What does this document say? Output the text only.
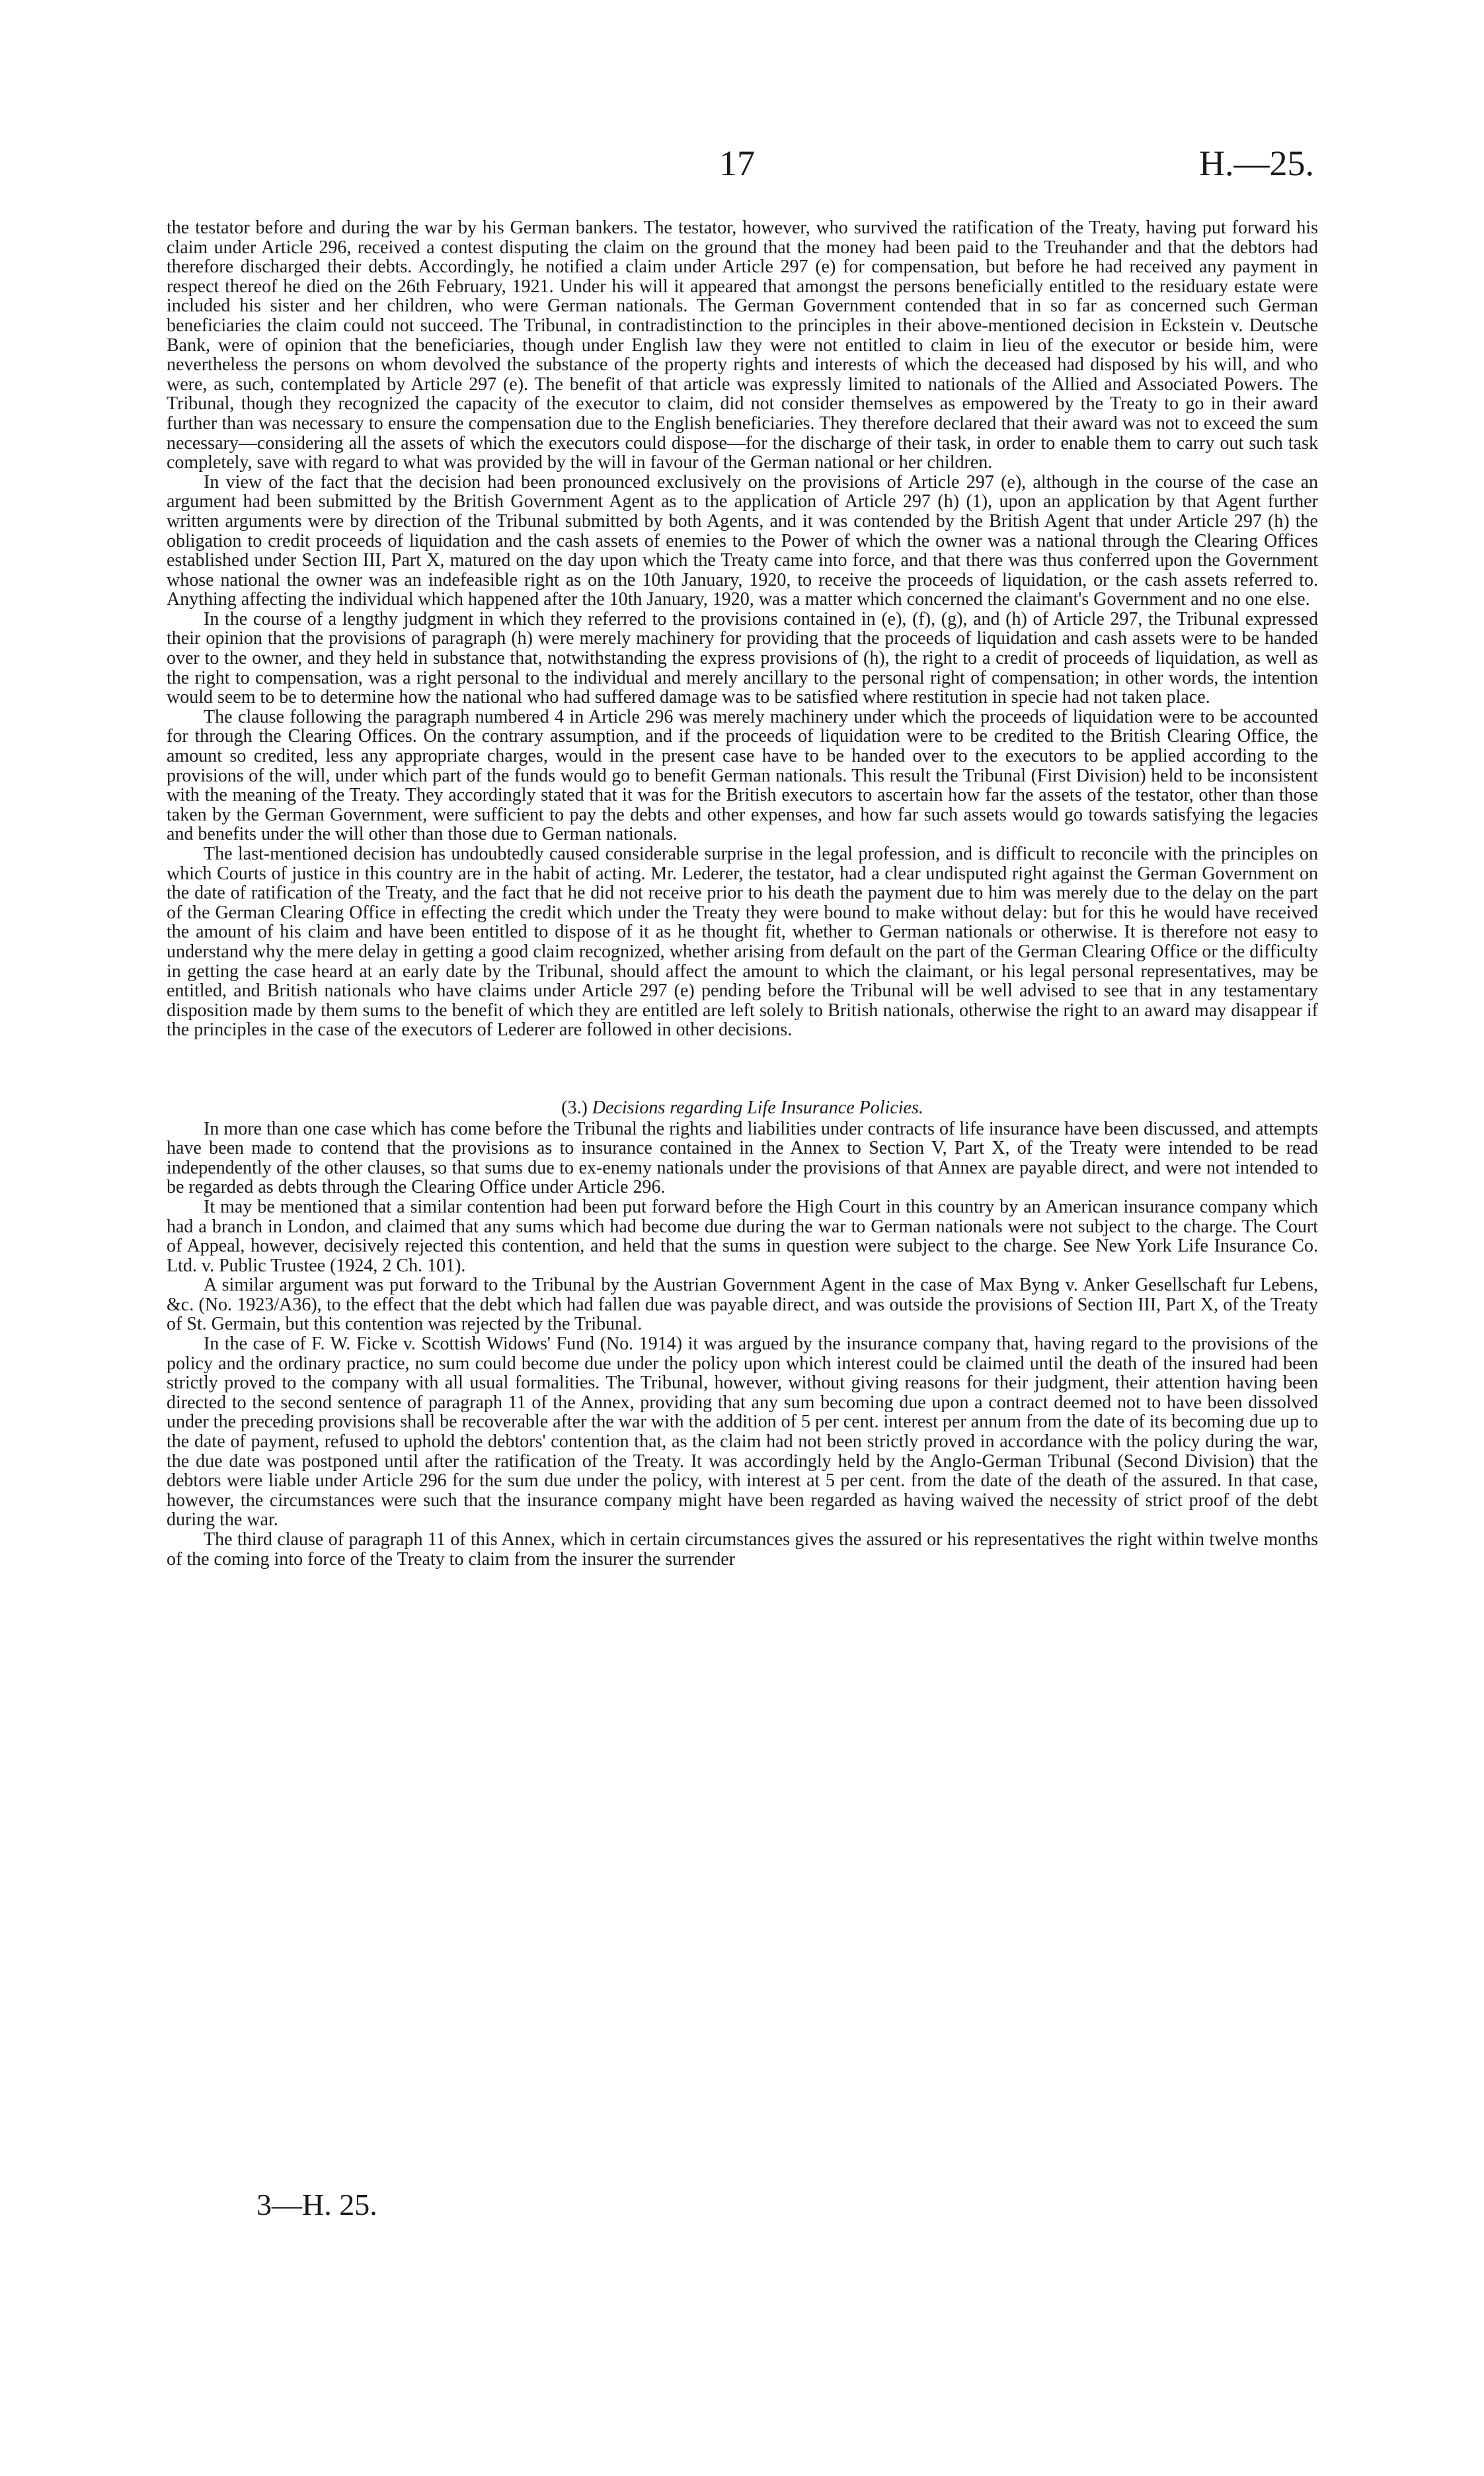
17	H.—25.

the testator before and during the war by his German bankers. The testator, however, who survived the ratification of the Treaty, having put forward his claim under Article 296, received a contest disputing the claim on the ground that the money had been paid to the Treuhander and that the debtors had therefore discharged their debts. Accordingly, he notified a claim under Article 297 (e) for compensation, but before he had received any payment in respect thereof he died on the 26th February, 1921. Under his will it appeared that amongst the persons beneficially entitled to the residuary estate were included his sister and her children, who were German nationals. The German Government contended that in so far as concerned such German beneficiaries the claim could not succeed. The Tribunal, in contradistinction to the principles in their above-mentioned decision in Eckstein v. Deutsche Bank, were of opinion that the beneficiaries, though under English law they were not entitled to claim in lieu of the executor or beside him, were nevertheless the persons on whom devolved the substance of the property rights and interests of which the deceased had disposed by his will, and who were, as such, contemplated by Article 297 (e). The benefit of that article was expressly limited to nationals of the Allied and Associated Powers. The Tribunal, though they recognized the capacity of the executor to claim, did not consider themselves as empowered by the Treaty to go in their award further than was necessary to ensure the compensation due to the English beneficiaries. They therefore declared that their award was not to exceed the sum necessary—considering all the assets of which the executors could dispose—for the discharge of their task, in order to enable them to carry out such task completely, save with regard to what was provided by the will in favour of the German national or her children.

In view of the fact that the decision had been pronounced exclusively on the provisions of Article 297 (e), although in the course of the case an argument had been submitted by the British Government Agent as to the application of Article 297 (h) (1), upon an application by that Agent further written arguments were by direction of the Tribunal submitted by both Agents, and it was contended by the British Agent that under Article 297 (h) the obligation to credit proceeds of liquidation and the cash assets of enemies to the Power of which the owner was a national through the Clearing Offices established under Section III, Part X, matured on the day upon which the Treaty came into force, and that there was thus conferred upon the Government whose national the owner was an indefeasible right as on the 10th January, 1920, to receive the proceeds of liquidation, or the cash assets referred to. Anything affecting the individual which happened after the 10th January, 1920, was a matter which concerned the claimant's Government and no one else.

In the course of a lengthy judgment in which they referred to the provisions contained in (e), (f), (g), and (h) of Article 297, the Tribunal expressed their opinion that the provisions of paragraph (h) were merely machinery for providing that the proceeds of liquidation and cash assets were to be handed over to the owner, and they held in substance that, notwithstanding the express provisions of (h), the right to a credit of proceeds of liquidation, as well as the right to compensation, was a right personal to the individual and merely ancillary to the personal right of compensation; in other words, the intention would seem to be to determine how the national who had suffered damage was to be satisfied where restitution in specie had not taken place.

The clause following the paragraph numbered 4 in Article 296 was merely machinery under which the proceeds of liquidation were to be accounted for through the Clearing Offices. On the contrary assumption, and if the proceeds of liquidation were to be credited to the British Clearing Office, the amount so credited, less any appropriate charges, would in the present case have to be handed over to the executors to be applied according to the provisions of the will, under which part of the funds would go to benefit German nationals. This result the Tribunal (First Division) held to be inconsistent with the meaning of the Treaty. They accordingly stated that it was for the British executors to ascertain how far the assets of the testator, other than those taken by the German Government, were sufficient to pay the debts and other expenses, and how far such assets would go towards satisfying the legacies and benefits under the will other than those due to German nationals.

The last-mentioned decision has undoubtedly caused considerable surprise in the legal profession, and is difficult to reconcile with the principles on which Courts of justice in this country are in the habit of acting. Mr. Lederer, the testator, had a clear undisputed right against the German Government on the date of ratification of the Treaty, and the fact that he did not receive prior to his death the payment due to him was merely due to the delay on the part of the German Clearing Office in effecting the credit which under the Treaty they were bound to make without delay: but for this he would have received the amount of his claim and have been entitled to dispose of it as he thought fit, whether to German nationals or otherwise. It is therefore not easy to understand why the mere delay in getting a good claim recognized, whether arising from default on the part of the German Clearing Office or the difficulty in getting the case heard at an early date by the Tribunal, should affect the amount to which the claimant, or his legal personal representatives, may be entitled, and British nationals who have claims under Article 297 (e) pending before the Tribunal will be well advised to see that in any testamentary disposition made by them sums to the benefit of which they are entitled are left solely to British nationals, otherwise the right to an award may disappear if the principles in the case of the executors of Lederer are followed in other decisions.

(3.) Decisions regarding Life Insurance Policies.

In more than one case which has come before the Tribunal the rights and liabilities under contracts of life insurance have been discussed, and attempts have been made to contend that the provisions as to insurance contained in the Annex to Section V, Part X, of the Treaty were intended to be read independently of the other clauses, so that sums due to ex-enemy nationals under the provisions of that Annex are payable direct, and were not intended to be regarded as debts through the Clearing Office under Article 296.

It may be mentioned that a similar contention had been put forward before the High Court in this country by an American insurance company which had a branch in London, and claimed that any sums which had become due during the war to German nationals were not subject to the charge. The Court of Appeal, however, decisively rejected this contention, and held that the sums in question were subject to the charge. See New York Life Insurance Co. Ltd. v. Public Trustee (1924, 2 Ch. 101).

A similar argument was put forward to the Tribunal by the Austrian Government Agent in the case of Max Byng v. Anker Gesellschaft fur Lebens, &c. (No. 1923/A36), to the effect that the debt which had fallen due was payable direct, and was outside the provisions of Section III, Part X, of the Treaty of St. Germain, but this contention was rejected by the Tribunal.

In the case of F. W. Ficke v. Scottish Widows' Fund (No. 1914) it was argued by the insurance company that, having regard to the provisions of the policy and the ordinary practice, no sum could become due under the policy upon which interest could be claimed until the death of the insured had been strictly proved to the company with all usual formalities. The Tribunal, however, without giving reasons for their judgment, their attention having been directed to the second sentence of paragraph 11 of the Annex, providing that any sum becoming due upon a contract deemed not to have been dissolved under the preceding provisions shall be recoverable after the war with the addition of 5 per cent. interest per annum from the date of its becoming due up to the date of payment, refused to uphold the debtors' contention that, as the claim had not been strictly proved in accordance with the policy during the war, the due date was postponed until after the ratification of the Treaty. It was accordingly held by the Anglo-German Tribunal (Second Division) that the debtors were liable under Article 296 for the sum due under the policy, with interest at 5 per cent. from the date of the death of the assured. In that case, however, the circumstances were such that the insurance company might have been regarded as having waived the necessity of strict proof of the debt during the war.

The third clause of paragraph 11 of this Annex, which in certain circumstances gives the assured or his representatives the right within twelve months of the coming into force of the Treaty to claim from the insurer the surrender

3—H. 25.
